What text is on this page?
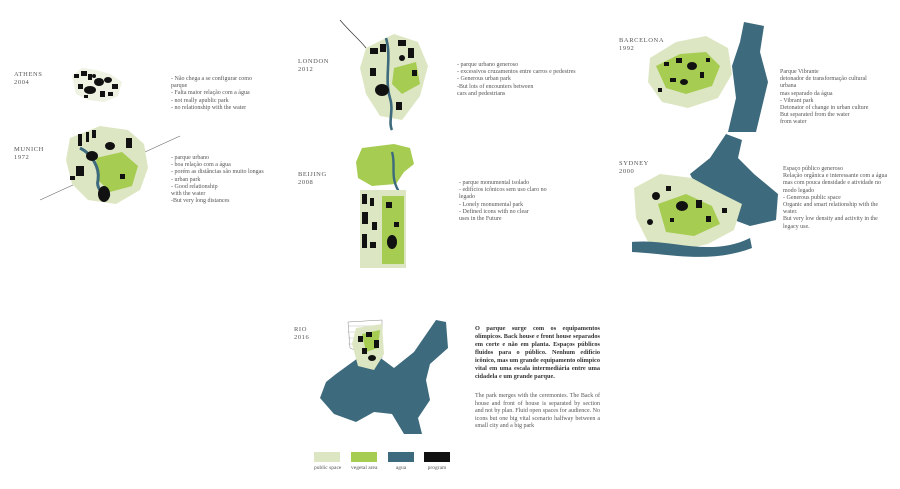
ATHENS
2004	- Não chega a se configurar como
parque
- Falta maior relação com a água
- not really apublic park
- no relationship with the water
MUNICH
1972	- parque urbano
- boa relação com a água
- porém as distâncias são muito longas
- urban park
- Good relationship
with the water
-But very long distances
LONDON
2012
- parque urbano generoso
- excessivos cruzamentos entre carros e pedestres
- Generous urban park
-But lots of encounters between
cars and pedestrians
BEIJING
2008	- parque monumental isolado
- edifícios icônicos sem uso claro no
legado
- Lonely monumental park
- Defined icons with no clear
uses in the Future
BARCELONA
1992
Parque Vibrante
detonador de transformação cultural
urbana
mas separado da água
- Vibrant park
Detonator of change in urban culture
But separated from the water
from water
SYDNEY
2000	Espaço público generoso
Relação orgânica e interessante com a água
mas com pouca densidade e atividade no
modo legado
- Generous public space
Organic and smart relationship with the
water.
But very low density and activity in the
legacy use.
RIO
2016
O parque surge com os equipamentos olímpicos. Back house e front house separados em corte e não em planta. Espaços públicos fluidos para o público. Nenhum edifício icônico, mas um grande equipamento olímpico vital em uma escala intermediária entre uma cidadela e um grande parque.
The park merges with the ceremonies. The Back of house and front of house is separated by section and not by plan. Fluid open spaces for audience. No icons but one big vital scenario halfway between a small city and a big park
public space vegetal area	agua	program
